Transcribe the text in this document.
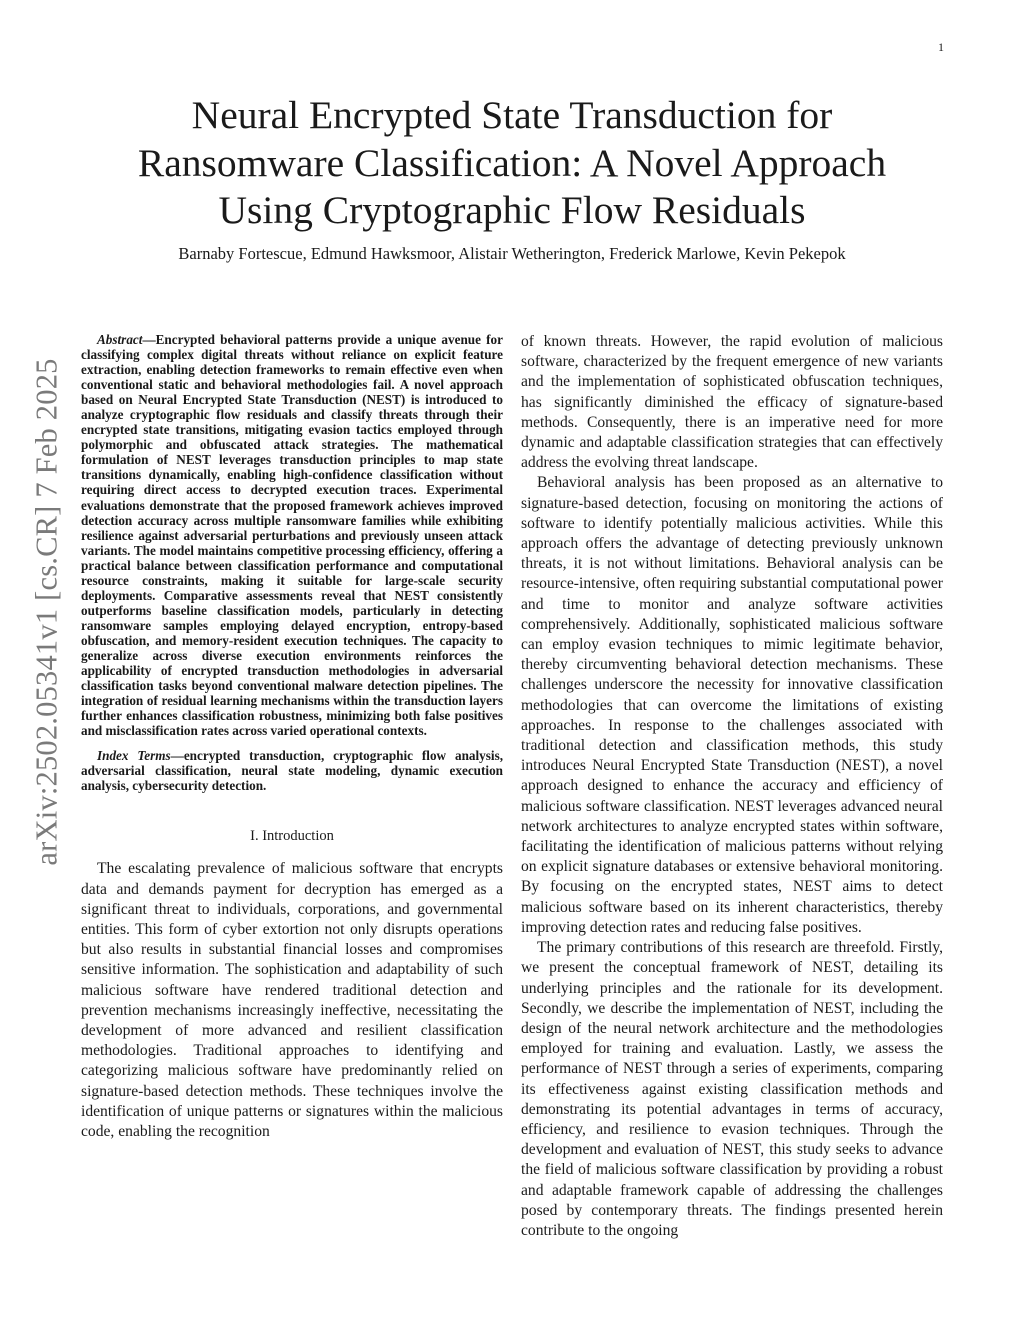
1
arXiv:2502.05341v1 [cs.CR] 7 Feb 2025
Neural Encrypted State Transduction for Ransomware Classification: A Novel Approach Using Cryptographic Flow Residuals
Barnaby Fortescue, Edmund Hawksmoor, Alistair Wetherington, Frederick Marlowe, Kevin Pekepok

Abstract—Encrypted behavioral patterns provide a unique avenue for classifying complex digital threats without reliance on explicit feature extraction, enabling detection frameworks to remain effective even when conventional static and behavioral methodologies fail. A novel approach based on Neural Encrypted State Transduction (NEST) is introduced to analyze cryptographic flow residuals and classify threats through their encrypted state transitions, mitigating evasion tactics employed through polymorphic and obfuscated attack strategies. The mathematical formulation of NEST leverages transduction principles to map state transitions dynamically, enabling high-confidence classification without requiring direct access to decrypted execution traces. Experimental evaluations demonstrate that the proposed framework achieves improved detection accuracy across multiple ransomware families while exhibiting resilience against adversarial perturbations and previously unseen attack variants. The model maintains competitive processing efficiency, offering a practical balance between classification performance and computational resource constraints, making it suitable for large-scale security deployments. Comparative assessments reveal that NEST consistently outperforms baseline classification models, particularly in detecting ransomware samples employing delayed encryption, entropy-based obfuscation, and memory-resident execution techniques. The capacity to generalize across diverse execution environments reinforces the applicability of encrypted transduction methodologies in adversarial classification tasks beyond conventional malware detection pipelines. The integration of residual learning mechanisms within the transduction layers further enhances classification robustness, minimizing both false positives and misclassification rates across varied operational contexts.

Index Terms—encrypted transduction, cryptographic flow analysis, adversarial classification, neural state modeling, dynamic execution analysis, cybersecurity detection.

I. Introduction

The escalating prevalence of malicious software that encrypts data and demands payment for decryption has emerged as a significant threat to individuals, corporations, and governmental entities. This form of cyber extortion not only disrupts operations but also results in substantial financial losses and compromises sensitive information. The sophistication and adaptability of such malicious software have rendered traditional detection and prevention mechanisms increasingly ineffective, necessitating the development of more advanced and resilient classification methodologies. Traditional approaches to identifying and categorizing malicious software have predominantly relied on signature-based detection methods. These techniques involve the identification of unique patterns or signatures within the malicious code, enabling the recognition

of known threats. However, the rapid evolution of malicious software, characterized by the frequent emergence of new variants and the implementation of sophisticated obfuscation techniques, has significantly diminished the efficacy of signature-based methods. Consequently, there is an imperative need for more dynamic and adaptable classification strategies that can effectively address the evolving threat landscape.

Behavioral analysis has been proposed as an alternative to signature-based detection, focusing on monitoring the actions of software to identify potentially malicious activities. While this approach offers the advantage of detecting previously unknown threats, it is not without limitations. Behavioral analysis can be resource-intensive, often requiring substantial computational power and time to monitor and analyze software activities comprehensively. Additionally, sophisticated malicious software can employ evasion techniques to mimic legitimate behavior, thereby circumventing behavioral detection mechanisms. These challenges underscore the necessity for innovative classification methodologies that can overcome the limitations of existing approaches. In response to the challenges associated with traditional detection and classification methods, this study introduces Neural Encrypted State Transduction (NEST), a novel approach designed to enhance the accuracy and efficiency of malicious software classification. NEST leverages advanced neural network architectures to analyze encrypted states within software, facilitating the identification of malicious patterns without relying on explicit signature databases or extensive behavioral monitoring. By focusing on the encrypted states, NEST aims to detect malicious software based on its inherent characteristics, thereby improving detection rates and reducing false positives.

The primary contributions of this research are threefold. Firstly, we present the conceptual framework of NEST, detailing its underlying principles and the rationale for its development. Secondly, we describe the implementation of NEST, including the design of the neural network architecture and the methodologies employed for training and evaluation. Lastly, we assess the performance of NEST through a series of experiments, comparing its effectiveness against existing classification methods and demonstrating its potential advantages in terms of accuracy, efficiency, and resilience to evasion techniques. Through the development and evaluation of NEST, this study seeks to advance the field of malicious software classification by providing a robust and adaptable framework capable of addressing the challenges posed by contemporary threats. The findings presented herein contribute to the ongoing
